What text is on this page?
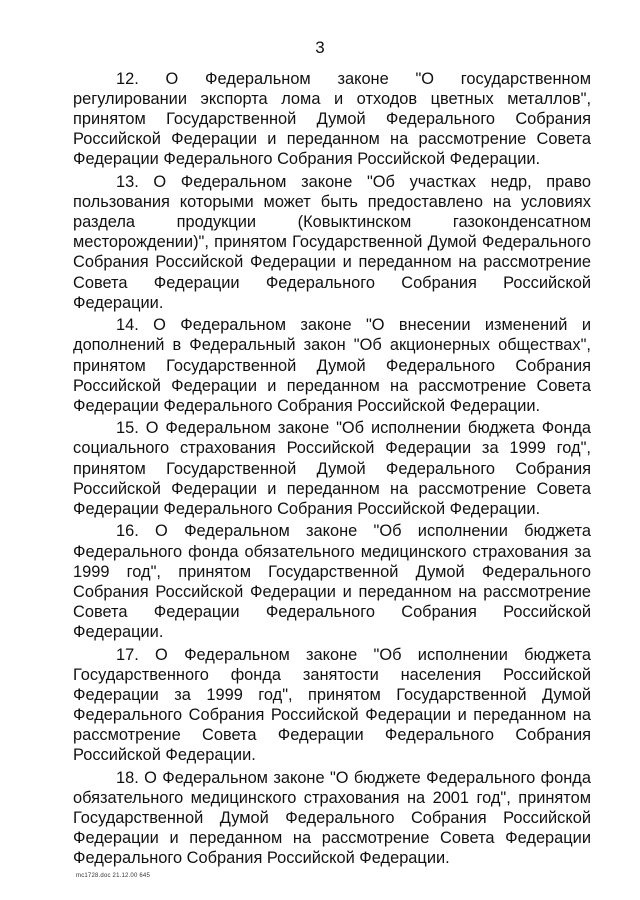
3

12. О Федеральном законе "О государственном регулировании экспорта лома и отходов цветных металлов", принятом Государственной Думой Федерального Собрания Российской Федерации и переданном на рассмотрение Совета Федерации Федерального Собрания Российской Федерации.

13. О Федеральном законе "Об участках недр, право пользования которыми может быть предоставлено на условиях раздела продукции (Ковыктинском газоконденсатном месторождении)", принятом Государственной Думой Федерального Собрания Российской Федерации и переданном на рассмотрение Совета Федерации Федерального Собрания Российской Федерации.

14. О Федеральном законе "О внесении изменений и дополнений в Федеральный закон "Об акционерных обществах", принятом Государственной Думой Федерального Собрания Российской Федерации и переданном на рассмотрение Совета Федерации Федерального Собрания Российской Федерации.

15. О Федеральном законе "Об исполнении бюджета Фонда социального страхования Российской Федерации за 1999 год", принятом Государственной Думой Федерального Собрания Российской Федерации и переданном на рассмотрение Совета Федерации Федерального Собрания Российской Федерации.

16. О Федеральном законе "Об исполнении бюджета Федерального фонда обязательного медицинского страхования за 1999 год", принятом Государственной Думой Федерального Собрания Российской Федерации и переданном на рассмотрение Совета Федерации Федерального Собрания Российской Федерации.

17. О Федеральном законе "Об исполнении бюджета Государственного фонда занятости населения Российской Федерации за 1999 год", принятом Государственной Думой Федерального Собрания Российской Федерации и переданном на рассмотрение Совета Федерации Федерального Собрания Российской Федерации.

18. О Федеральном законе "О бюджете Федерального фонда обязательного медицинского страхования на 2001 год", принятом Государственной Думой Федерального Собрания Российской Федерации и переданном на рассмотрение Совета Федерации Федерального Собрания Российской Федерации.

mc1728.doc 21.12.00 645
